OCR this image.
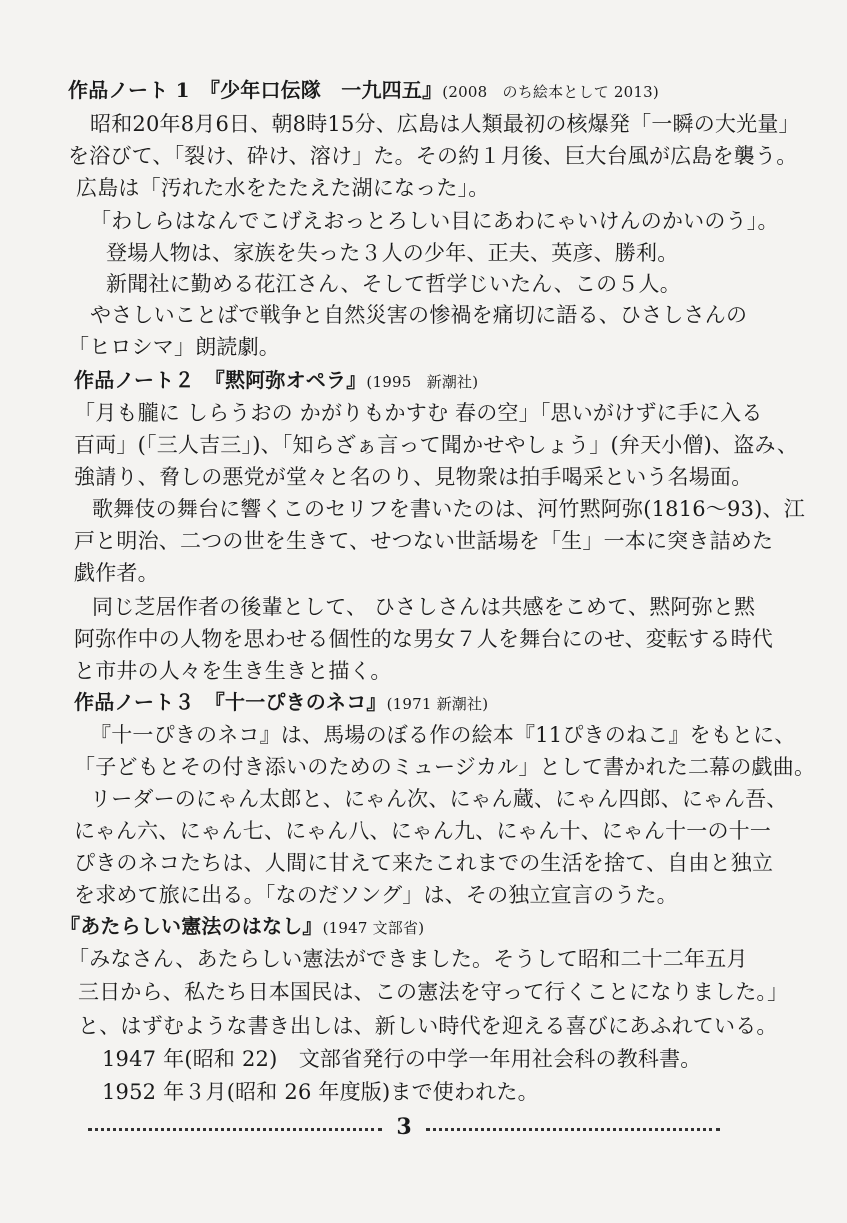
作品ノート 1　『少年口伝隊　一九四五』(2008　のち絵本として 2013)
昭和20年8月6日、朝8時15分、広島は人類最初の核爆発「一瞬の大光量」
を浴びて、「裂け、砕け、溶け」た。その約１月後、巨大台風が広島を襲う。
広島は「汚れた水をたたえた湖になった」。
「わしらはなんでこげえおっとろしい目にあわにゃいけんのかいのう」。
登場人物は、家族を失った３人の少年、正夫、英彦、勝利。
新聞社に勤める花江さん、そして哲学じいたん、この５人。
やさしいことばで戦争と自然災害の惨禍を痛切に語る、ひさしさんの
「ヒロシマ」朗読劇。
作品ノート２　『黙阿弥オペラ』(1995　新潮社)
「月も朧に しらうおの かがりもかすむ 春の空」「思いがけずに手に入る
百両」(「三人吉三」)、「知らざぁ言って聞かせやしょう」(弁天小僧)、盗み、
強請り、脅しの悪党が堂々と名のり、見物衆は拍手喝采という名場面。
歌舞伎の舞台に響くこのセリフを書いたのは、河竹黙阿弥(1816〜93)、江
戸と明治、二つの世を生きて、せつない世話場を「生」一本に突き詰めた
戯作者。
同じ芝居作者の後輩として、 ひさしさんは共感をこめて、黙阿弥と黙
阿弥作中の人物を思わせる個性的な男女７人を舞台にのせ、変転する時代
と市井の人々を生き生きと描く。
作品ノート３　『十一ぴきのネコ』(1971 新潮社)
『十一ぴきのネコ』は、馬場のぼる作の絵本『11ぴきのねこ』をもとに、
「子どもとその付き添いのためのミュージカル」として書かれた二幕の戯曲。
リーダーのにゃん太郎と、にゃん次、にゃん蔵、にゃん四郎、にゃん吾、
にゃん六、にゃん七、にゃん八、にゃん九、にゃん十、にゃん十一の十一
ぴきのネコたちは、人間に甘えて来たこれまでの生活を捨て、自由と独立
を求めて旅に出る。「なのだソング」は、その独立宣言のうた。
『あたらしい憲法のはなし』(1947 文部省)
「みなさん、あたらしい憲法ができました。そうして昭和二十二年五月
三日から、私たち日本国民は、この憲法を守って行くことになりました。」
と、はずむような書き出しは、新しい時代を迎える喜びにあふれている。
1947 年(昭和 22)　文部省発行の中学一年用社会科の教科書。
1952 年３月(昭和 26 年度版)まで使われた。
3
